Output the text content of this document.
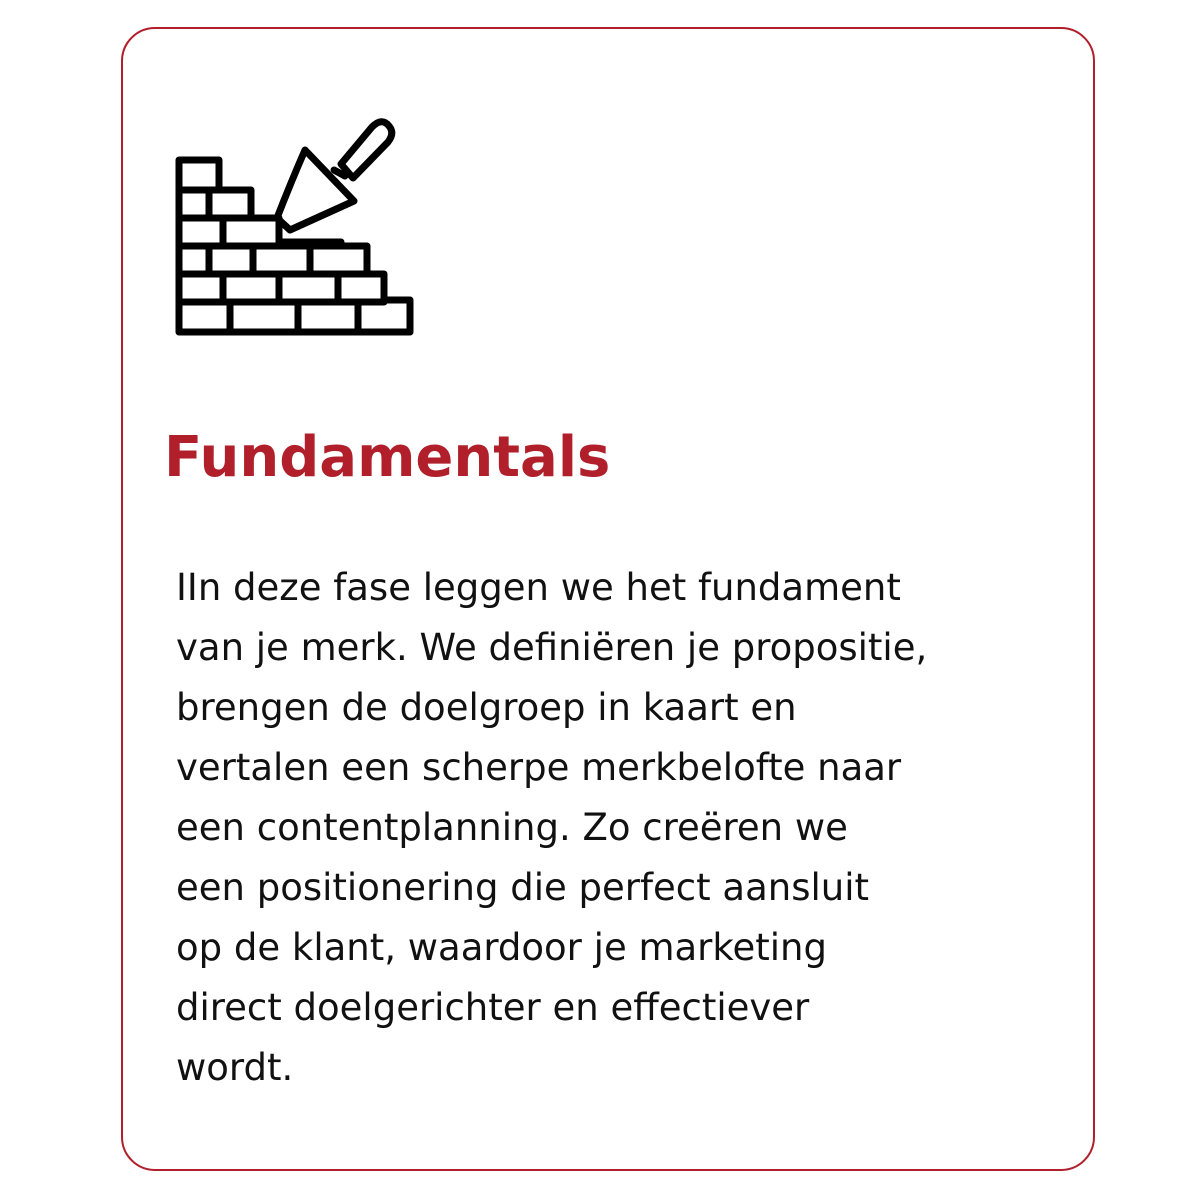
Fundamentals
IIn deze fase leggen we het fundament
van je merk. We definiëren je propositie,
brengen de doelgroep in kaart en
vertalen een scherpe merkbelofte naar
een contentplanning. Zo creëren we
een positionering die perfect aansluit
op de klant, waardoor je marketing
direct doelgerichter en effectiever
wordt.
